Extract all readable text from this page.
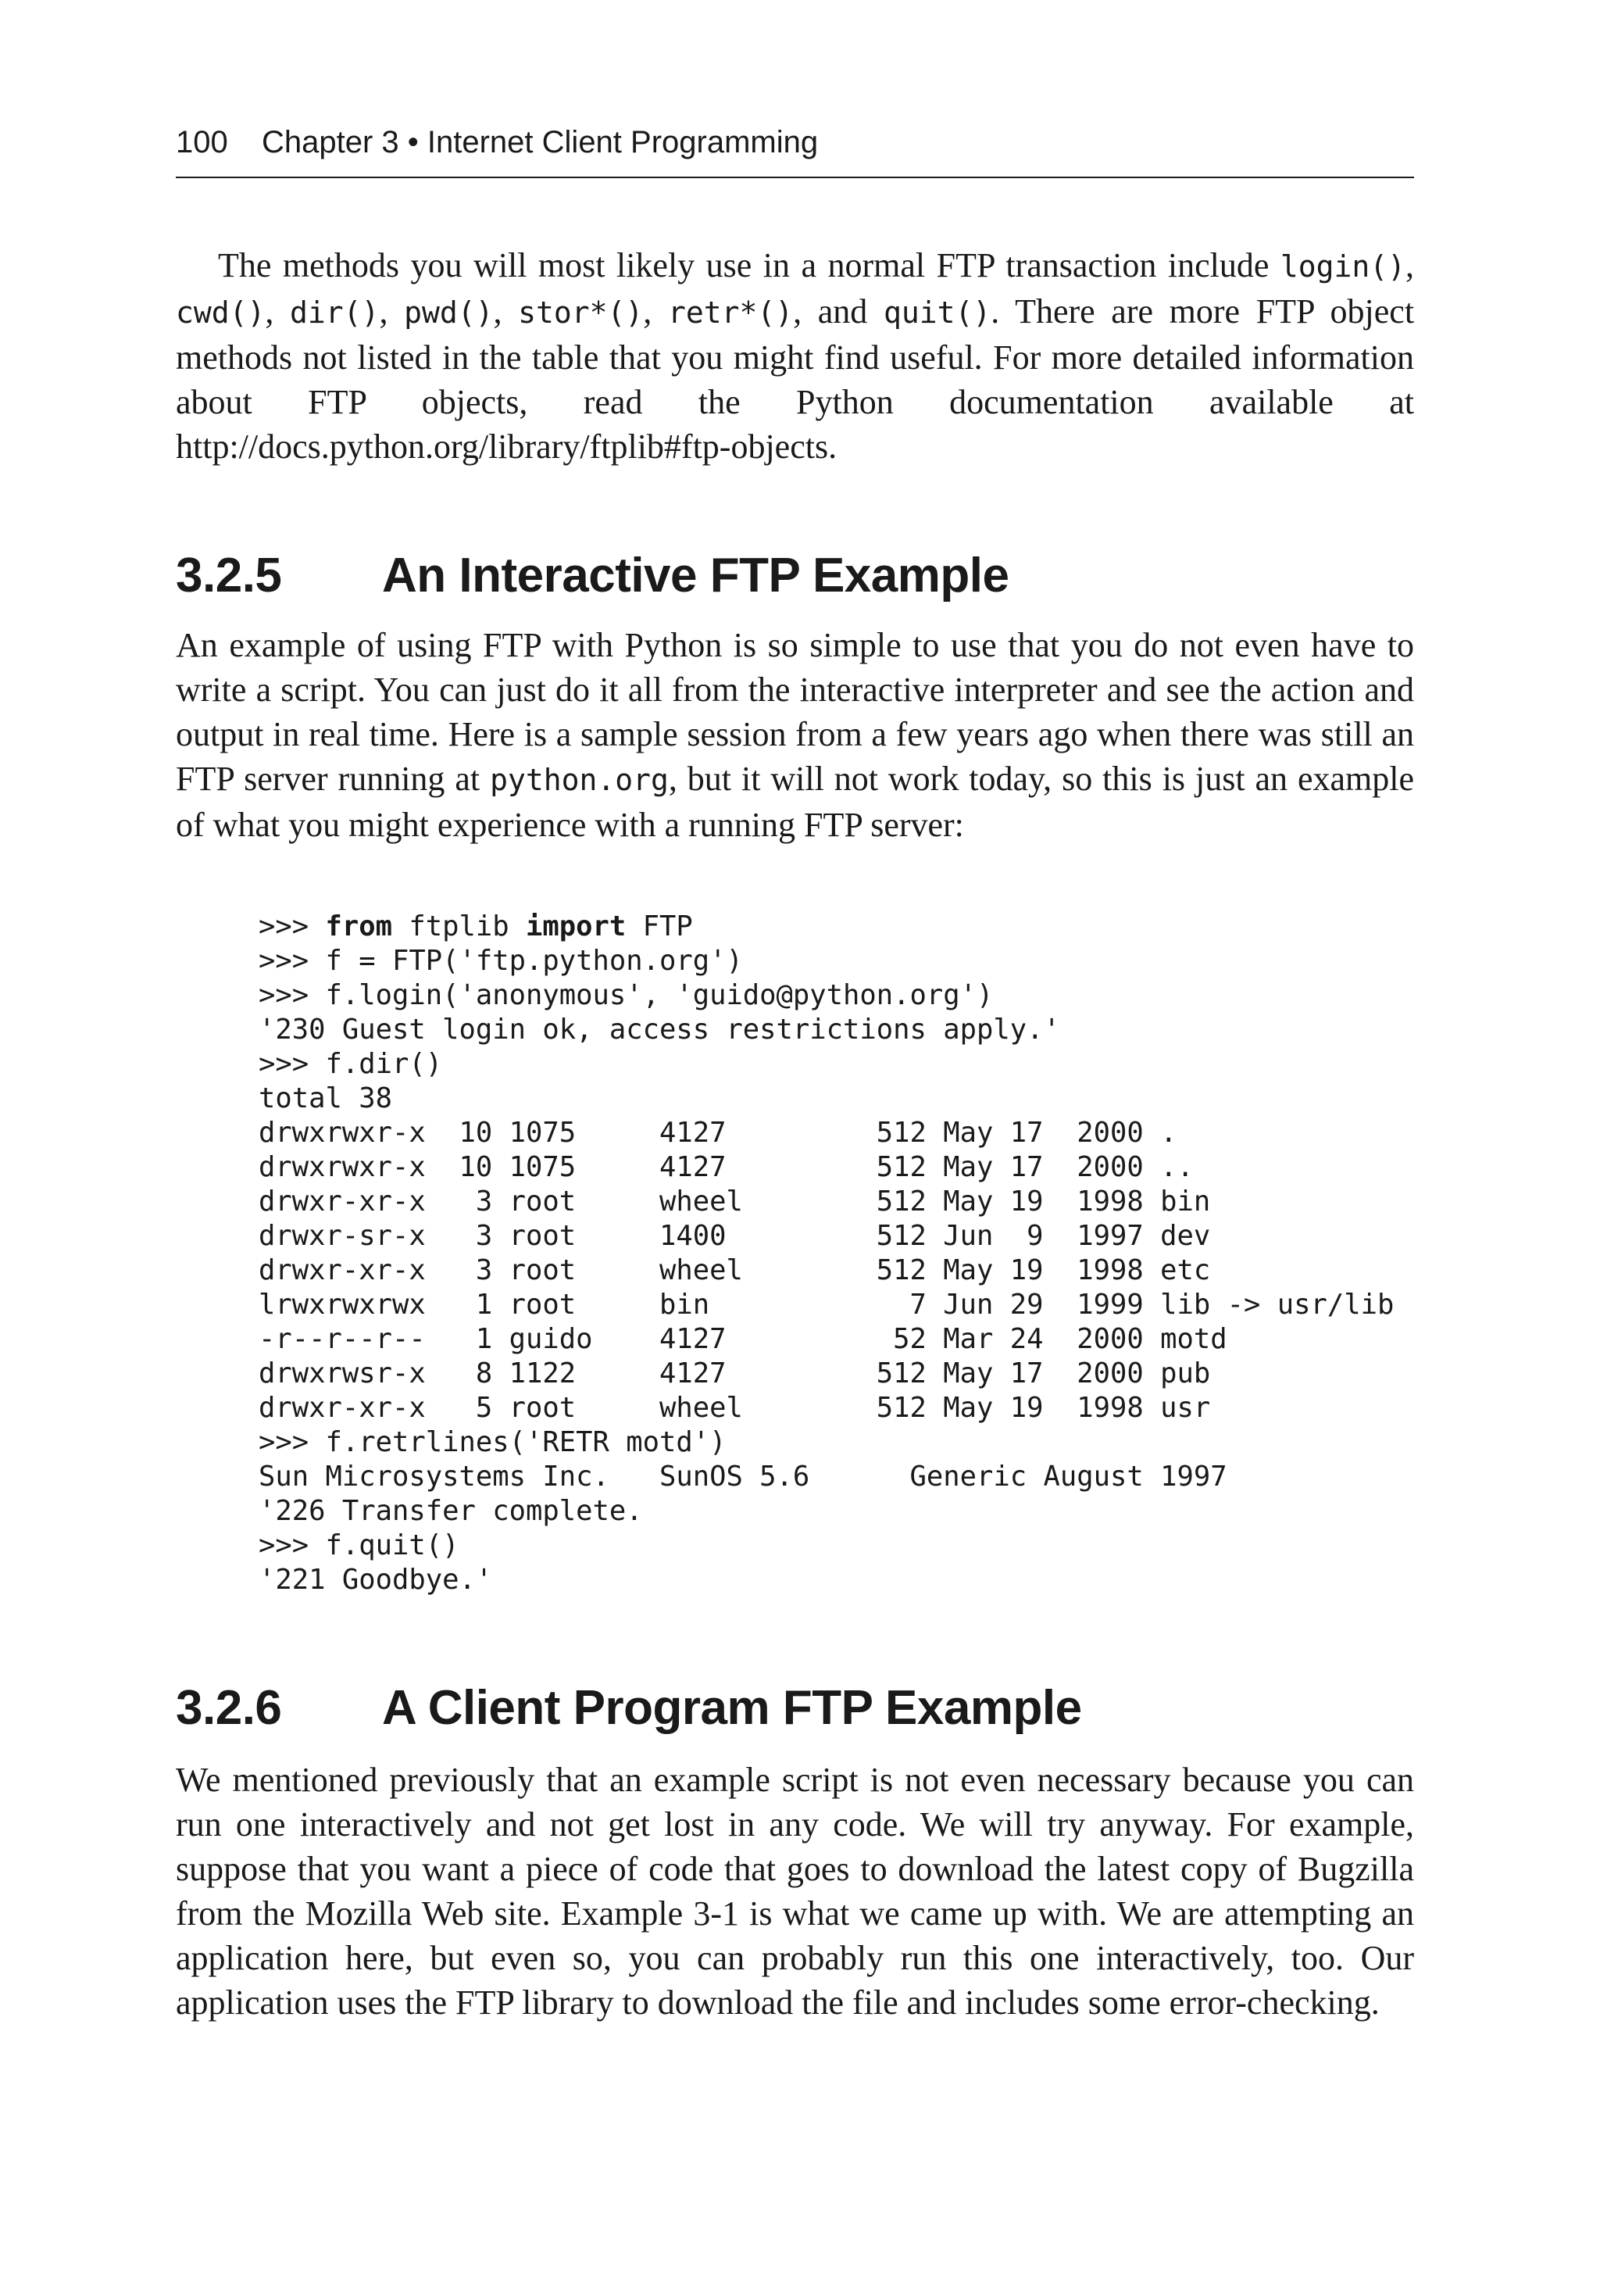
100 Chapter 3 • Internet Client Programming

The methods you will most likely use in a normal FTP transaction include login(), cwd(), dir(), pwd(), stor*(), retr*(), and quit(). There are more FTP object methods not listed in the table that you might find useful. For more detailed information about FTP objects, read the Python documentation available at http://docs.python.org/library/ftplib#ftp-objects.

3.2.5 An Interactive FTP Example

An example of using FTP with Python is so simple to use that you do not even have to write a script. You can just do it all from the interactive interpreter and see the action and output in real time. Here is a sample session from a few years ago when there was still an FTP server running at python.org, but it will not work today, so this is just an example of what you might experience with a running FTP server:

>>> from ftplib import FTP
>>> f = FTP('ftp.python.org')
>>> f.login('anonymous', 'guido@python.org')
'230 Guest login ok, access restrictions apply.'
>>> f.dir()
total 38
drwxrwxr-x  10 1075     4127         512 May 17  2000 .
drwxrwxr-x  10 1075     4127         512 May 17  2000 ..
drwxr-xr-x   3 root     wheel        512 May 19  1998 bin
drwxr-sr-x   3 root     1400         512 Jun  9  1997 dev
drwxr-xr-x   3 root     wheel        512 May 19  1998 etc
lrwxrwxrwx   1 root     bin            7 Jun 29  1999 lib -> usr/lib
-r--r--r--   1 guido    4127          52 Mar 24  2000 motd
drwxrwsr-x   8 1122     4127         512 May 17  2000 pub
drwxr-xr-x   5 root     wheel        512 May 19  1998 usr
>>> f.retrlines('RETR motd')
Sun Microsystems Inc.   SunOS 5.6      Generic August 1997
'226 Transfer complete.
>>> f.quit()
'221 Goodbye.'
3.2.6 A Client Program FTP Example

We mentioned previously that an example script is not even necessary because you can run one interactively and not get lost in any code. We will try anyway. For example, suppose that you want a piece of code that goes to download the latest copy of Bugzilla from the Mozilla Web site. Example 3-1 is what we came up with. We are attempting an application here, but even so, you can probably run this one interactively, too. Our application uses the FTP library to download the file and includes some error-checking.
